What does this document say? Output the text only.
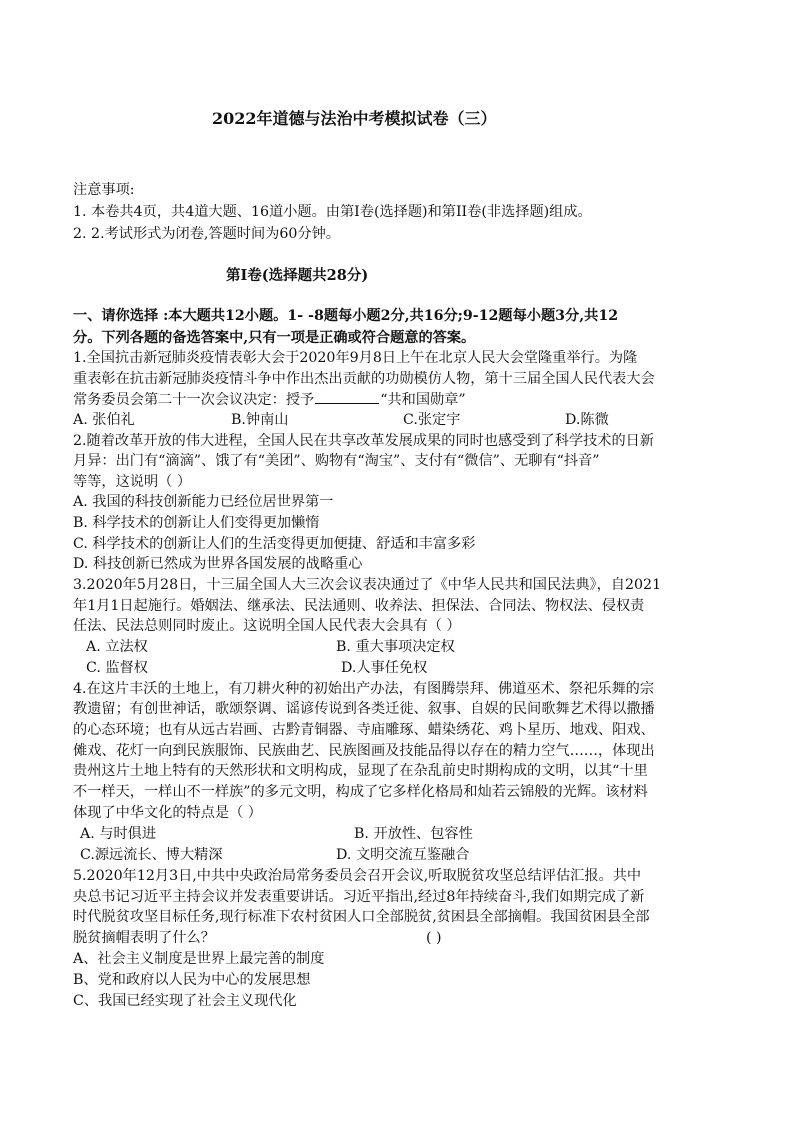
2022年道德与法治中考模拟试卷（三）
注意事项:
1. 本卷共4页，共4道大题、16道小题。由第I卷(选择题)和第II卷(非选择题)组成。
2. 2.考试形式为闭卷,答题时间为60分钟。
第I卷(选择题共28分)
一、请你选择 :本大题共12小题。1- -8题每小题2分,共16分;9-12题每小题3分,共12
分。下列各题的备选答案中,只有一项是正确或符合题意的答案。
1.全国抗击新冠肺炎疫情表彰大会于2020年9月8日上午在北京人民大会堂隆重举行。为隆
重表彰在抗击新冠肺炎疫情斗争中作出杰出贡献的功勋模仿人物，第十三届全国人民代表大会
常务委员会第二十一次会议决定：授予	“共和国勋章”
A. 张伯礼	B.钟南山	C.张定宇	D.陈微
2.随着改革开放的伟大进程，全国人民在共享改革发展成果的同时也感受到了科学技术的日新
月异：出门有“滴滴”、饿了有“美团”、购物有“淘宝”、支付有“微信”、无聊有“抖音”
等等，这说明（ ）
A. 我国的科技创新能力已经位居世界第一
B. 科学技术的创新让人们变得更加懒惰
C. 科学技术的创新让人们的生活变得更加便捷、舒适和丰富多彩
D. 科技创新已然成为世界各国发展的战略重心
3.2020年5月28日，十三届全国人大三次会议表决通过了《中华人民共和国民法典》，自2021
年1月1日起施行。婚姻法、继承法、民法通则、收养法、担保法、合同法、物权法、侵权责
任法、民法总则同时废止。这说明全国人民代表大会具有（ ）
A. 立法权	B. 重大事项决定权
C. 监督权	D.人事任免权
4.在这片丰沃的土地上，有刀耕火种的初始出产办法，有图腾崇拜、佛道巫术、祭祀乐舞的宗
教遗留；有创世神话，歌颂祭调、谣谚传说到各类迁徙、叙事、自娱的民间歌舞艺术得以撒播
的心态环境；也有从远古岩画、古黔青铜器、寺庙雕琢、蜡染绣花、鸡卜星历、地戏、阳戏、
傩戏、花灯一向到民族服饰、民族曲艺、民族图画及技能品得以存在的精力空气……，体现出
贵州这片土地上特有的天然形状和文明构成，显现了在杂乱前史时期构成的文明，以其“十里
不一样天，一样山不一样族”的多元文明，构成了它多样化格局和灿若云锦般的光辉。该材料
体现了中华文化的特点是（ ）
A. 与时俱进	B. 开放性、包容性
C.源远流长、博大精深	D. 文明交流互鉴融合
5.2020年12月3日,中共中央政治局常务委员会召开会议,听取脱贫攻坚总结评估汇报。共中
央总书记习近平主持会议并发表重要讲话。习近平指出,经过8年持续奋斗,我们如期完成了新
时代脱贫攻坚目标任务,现行标准下农村贫困人口全部脱贫,贫困县全部摘帽。我国贫困县全部
脱贫摘帽表明了什么？	( )
A、社会主义制度是世界上最完善的制度
B、党和政府以人民为中心的发展思想
C、我国已经实现了社会主义现代化
